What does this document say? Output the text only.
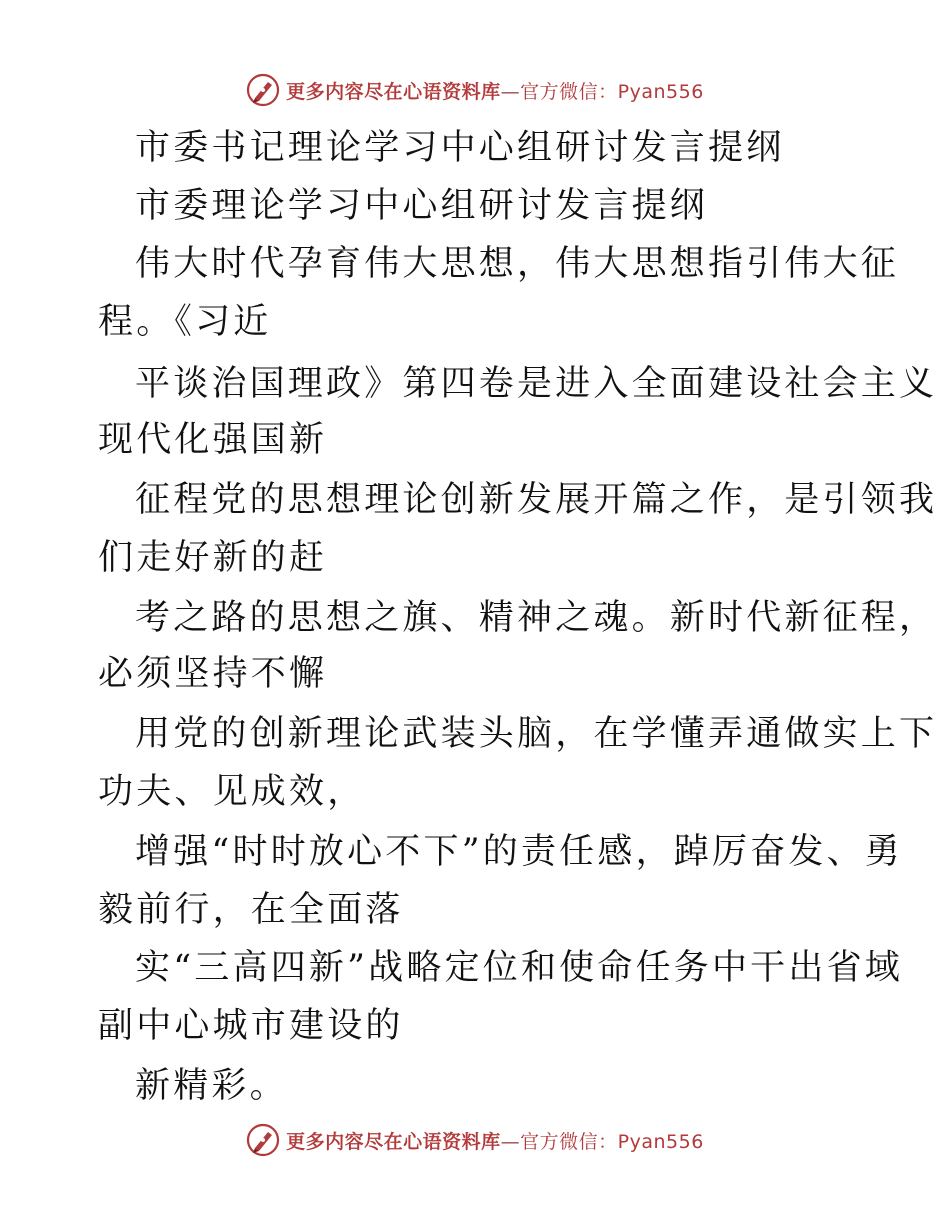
更多内容尽在心语资料库—官方微信：Pyan556
市委书记理论学习中心组研讨发言提纲
市委理论学习中心组研讨发言提纲
伟大时代孕育伟大思想，伟大思想指引伟大征
程。《习近
平谈治国理政》第四卷是进入全面建设社会主义
现代化强国新
征程党的思想理论创新发展开篇之作，是引领我
们走好新的赶
考之路的思想之旗、精神之魂。新时代新征程，
必须坚持不懈
用党的创新理论武装头脑，在学懂弄通做实上下
功夫、见成效，
增强“时时放心不下”的责任感，踔厉奋发、勇
毅前行，在全面落
实“三高四新”战略定位和使命任务中干出省域
副中心城市建设的
新精彩。
更多内容尽在心语资料库—官方微信：Pyan556
